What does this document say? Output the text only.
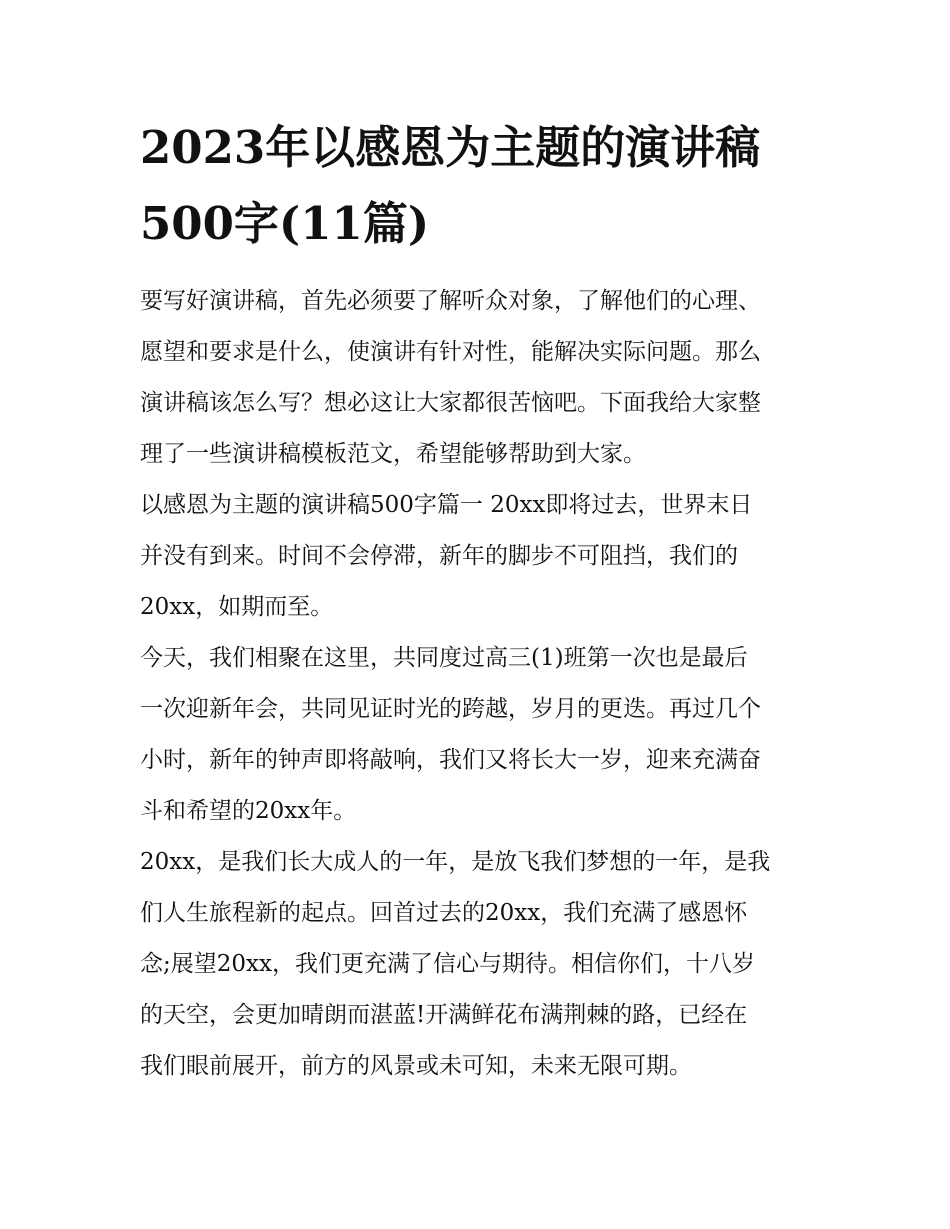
2023年以感恩为主题的演讲稿
500字(11篇)

要写好演讲稿，首先必须要了解听众对象，了解他们的心理、
愿望和要求是什么，使演讲有针对性，能解决实际问题。那么
演讲稿该怎么写？想必这让大家都很苦恼吧。下面我给大家整
理了一些演讲稿模板范文，希望能够帮助到大家。

以感恩为主题的演讲稿500字篇一 20xx即将过去，世界末日
并没有到来。时间不会停滞，新年的脚步不可阻挡，我们的
20xx，如期而至。

今天，我们相聚在这里，共同度过高三(1)班第一次也是最后
一次迎新年会，共同见证时光的跨越，岁月的更迭。再过几个
小时，新年的钟声即将敲响，我们又将长大一岁，迎来充满奋
斗和希望的20xx年。

20xx，是我们长大成人的一年，是放飞我们梦想的一年，是我
们人生旅程新的起点。回首过去的20xx，我们充满了感恩怀
念;展望20xx，我们更充满了信心与期待。相信你们，十八岁
的天空，会更加晴朗而湛蓝!开满鲜花布满荆棘的路，已经在
我们眼前展开，前方的风景或未可知，未来无限可期。
